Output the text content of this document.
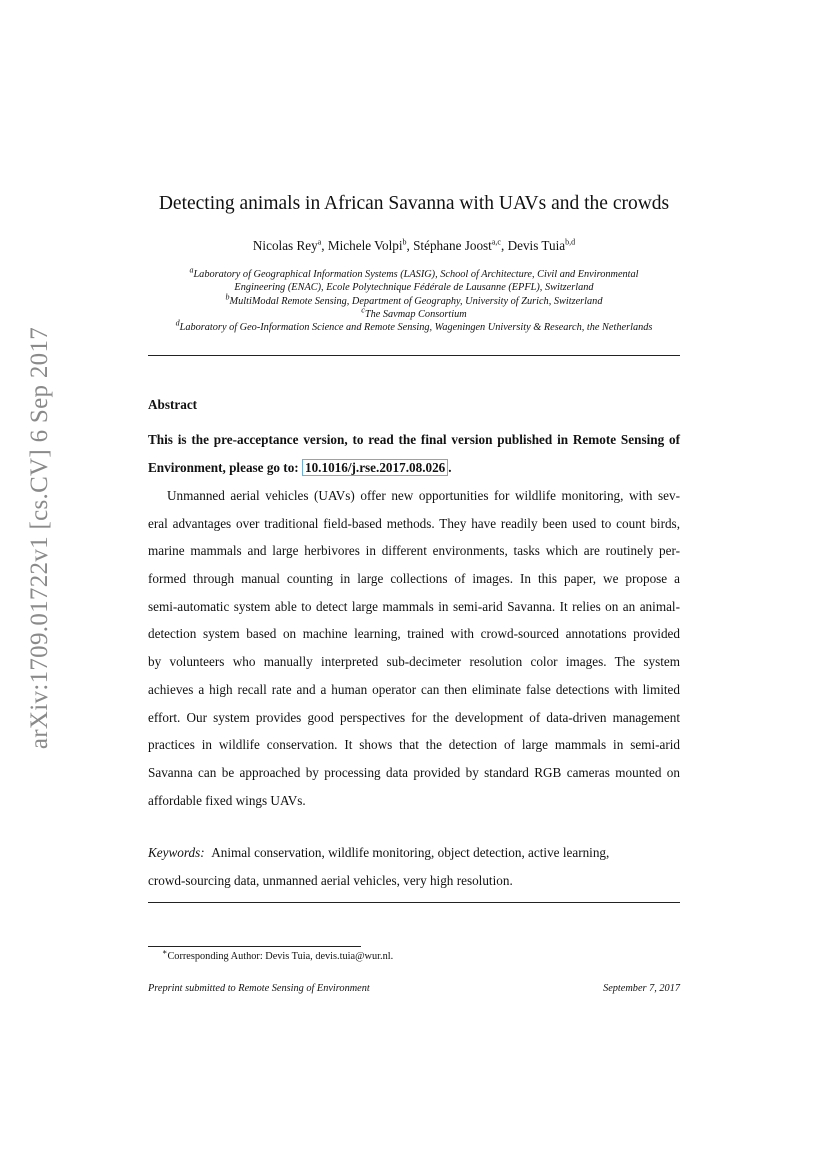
arXiv:1709.01722v1 [cs.CV] 6 Sep 2017
Detecting animals in African Savanna with UAVs and the crowds
Nicolas Rey$^a$, Michele Volpi$^b$, Stéphane Joost$^{a,c}$, Devis Tuia$^{b,d}$
$^a$Laboratory of Geographical Information Systems (LASIG), School of Architecture, Civil and Environmental
Engineering (ENAC), Ecole Polytechnique Fédérale de Lausanne (EPFL), Switzerland
$^b$MultiModal Remote Sensing, Department of Geography, University of Zurich, Switzerland
$^c$The Savmap Consortium
$^d$Laboratory of Geo-Information Science and Remote Sensing, Wageningen University & Research, the Netherlands
Abstract
This is the pre-acceptance version, to read the final version published in Remote Sensing of
Environment, please go to: 10.1016/j.rse.2017.08.026 .
Unmanned aerial vehicles (UAVs) offer new opportunities for wildlife monitoring, with sev-
eral advantages over traditional field-based methods. They have readily been used to count birds,
marine mammals and large herbivores in different environments, tasks which are routinely per-
formed through manual counting in large collections of images. In this paper, we propose a
semi-automatic system able to detect large mammals in semi-arid Savanna. It relies on an animal-
detection system based on machine learning, trained with crowd-sourced annotations provided
by volunteers who manually interpreted sub-decimeter resolution color images. The system
achieves a high recall rate and a human operator can then eliminate false detections with limited
effort. Our system provides good perspectives for the development of data-driven management
practices in wildlife conservation. It shows that the detection of large mammals in semi-arid
Savanna can be approached by processing data provided by standard RGB cameras mounted on
affordable fixed wings UAVs.
Keywords: Animal conservation, wildlife monitoring, object detection, active learning,
crowd-sourcing data, unmanned aerial vehicles, very high resolution.
∗Corresponding Author: Devis Tuia, devis.tuia@wur.nl.
Preprint submitted to Remote Sensing of Environment	September 7, 2017
